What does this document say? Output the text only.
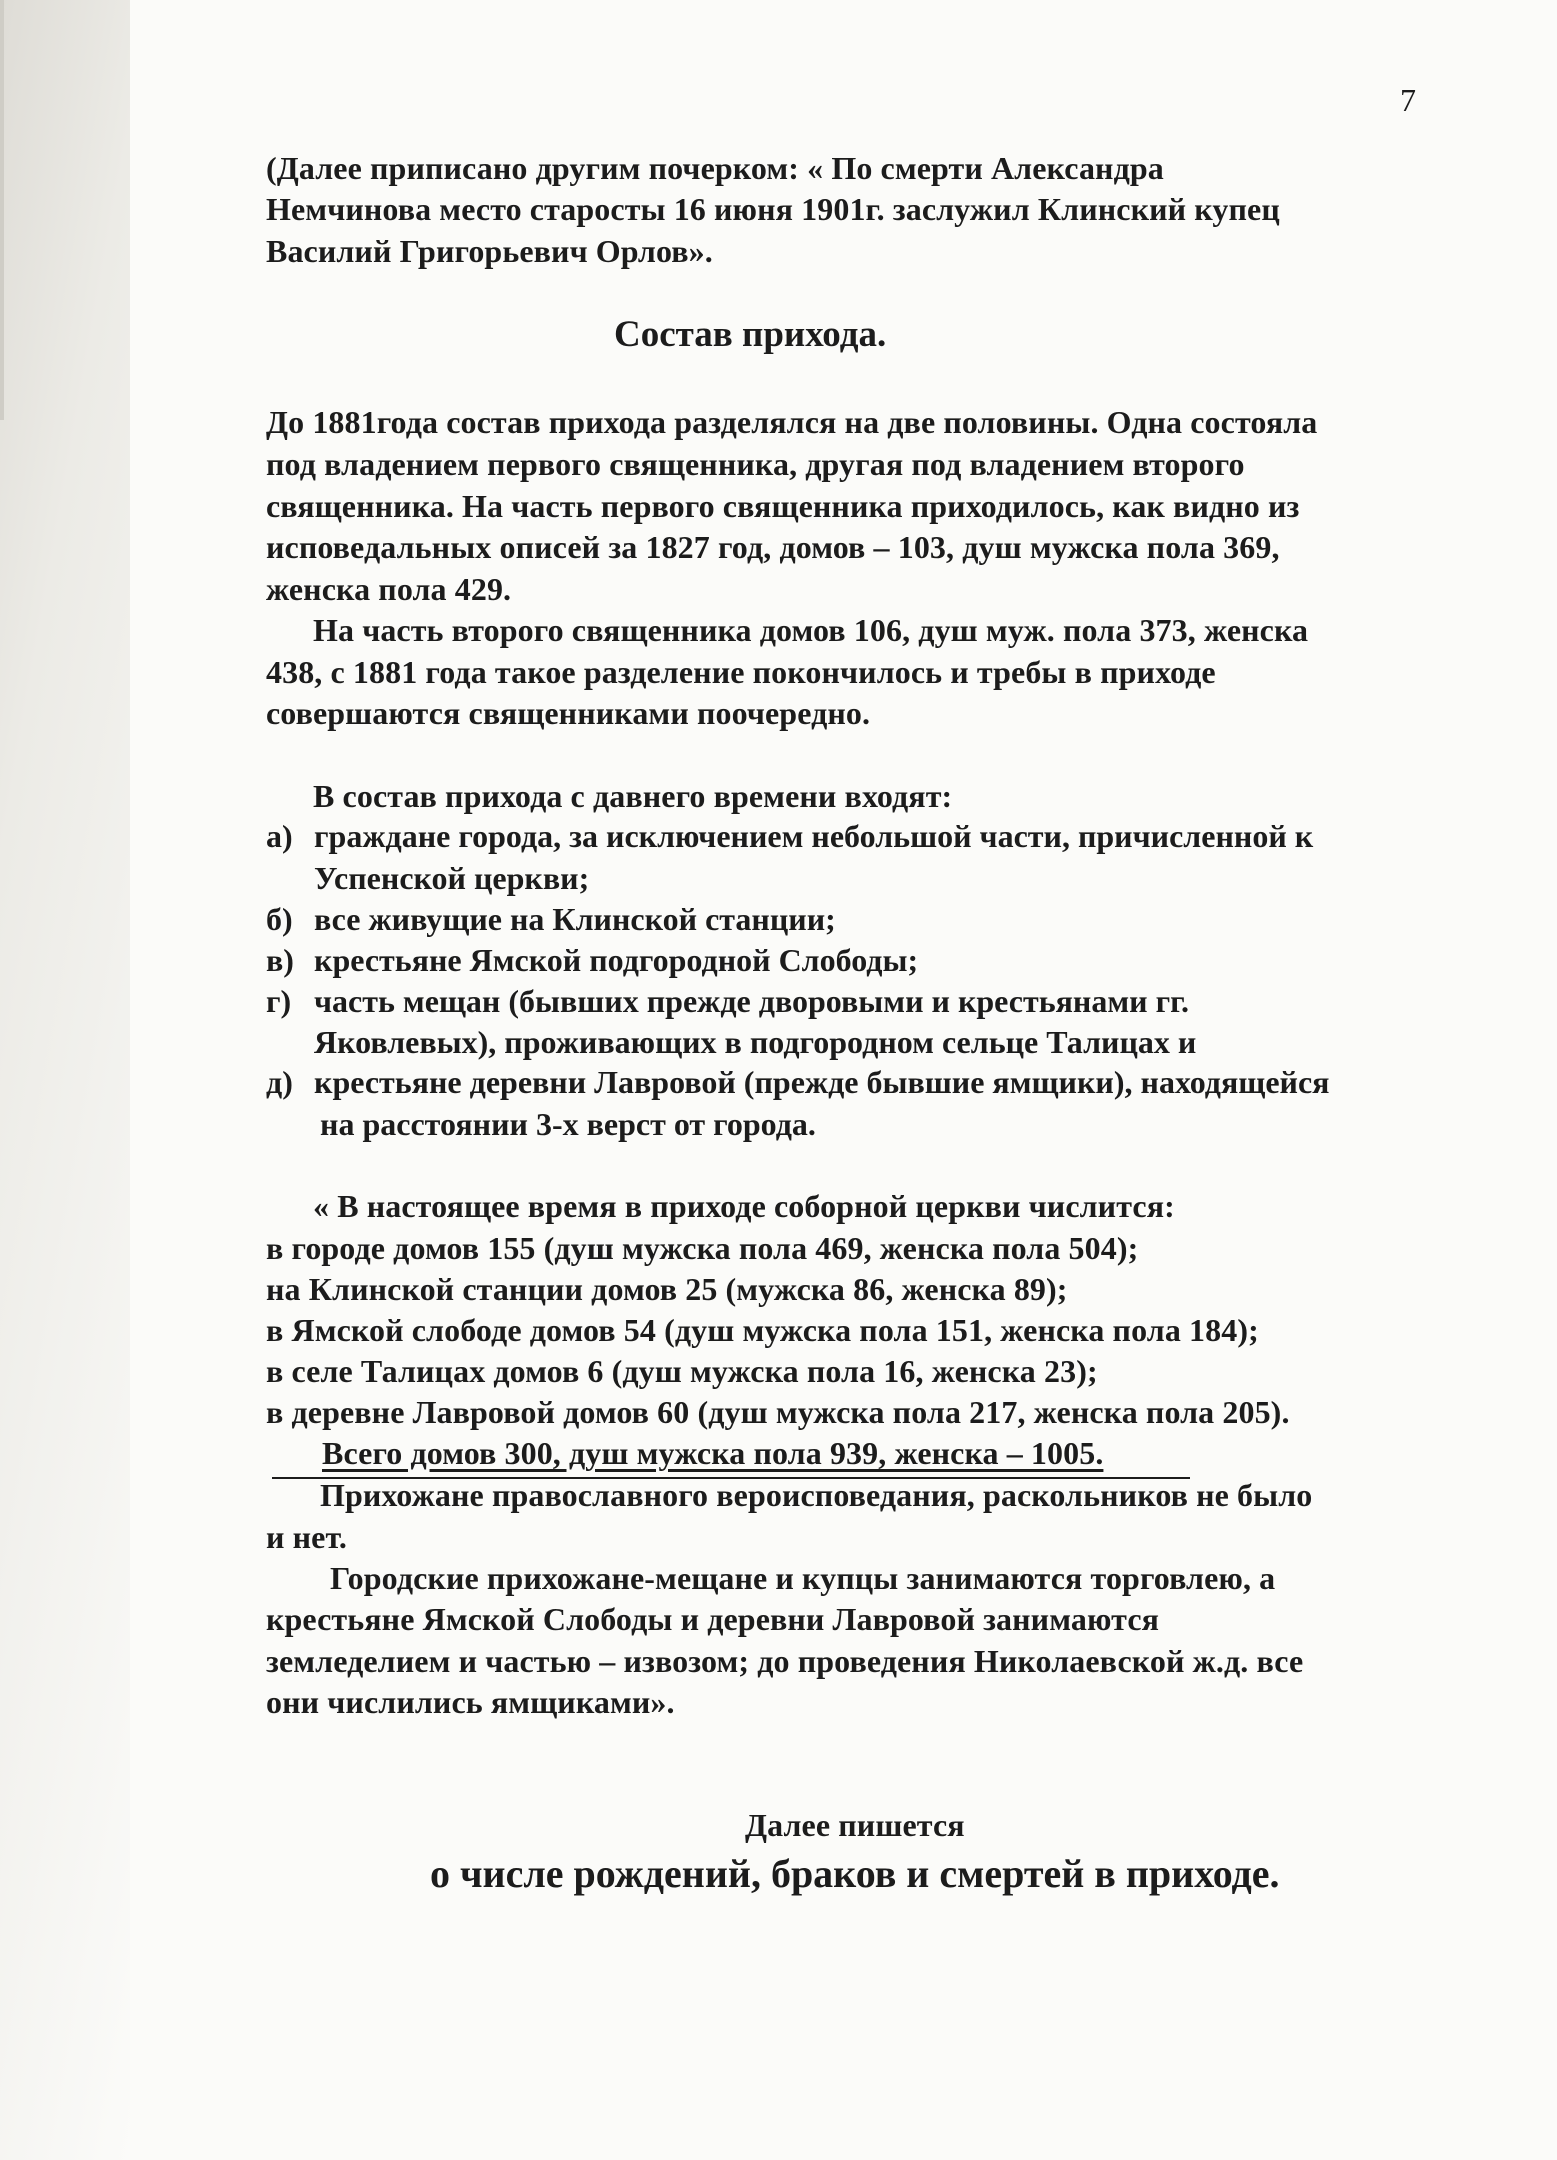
7

(Далее приписано другим почерком: « По смерти Александра

Немчинова место старосты 16 июня 1901г. заслужил Клинский купец

Василий Григорьевич Орлов».

Состав прихода.

До 1881года состав прихода разделялся на две половины. Одна состояла

под владением первого священника, другая под владением второго

священника. На часть первого священника приходилось, как видно из

исповедальных описей за 1827 год, домов – 103, душ мужска пола 369,

женска пола 429.

На часть второго священника домов 106, душ муж. пола 373, женска

438, с 1881 года такое разделение покончилось и требы в приходе

совершаются священниками поочередно.

В состав прихода с давнего времени входят:

а) граждане города, за исключением небольшой части, причисленной к

Успенской церкви;

б) все живущие на Клинской станции;

в) крестьяне Ямской подгородной Слободы;

г) часть мещан (бывших прежде дворовыми и крестьянами гг.

Яковлевых), проживающих в подгородном сельце Талицах и

д) крестьяне деревни Лавровой (прежде бывшие ямщики), находящейся

на расстоянии 3-х верст от города.

« В настоящее время в приходе соборной церкви числится:

в городе домов 155 (душ мужска пола 469, женска пола 504);

на Клинской станции домов 25 (мужска 86, женска 89);

в Ямской слободе домов 54 (душ мужска пола 151, женска пола 184);

в селе Талицах домов 6 (душ мужска пола 16, женска 23);

в деревне Лавровой домов 60 (душ мужска пола 217, женска пола 205).

Всего домов 300, душ мужска пола 939, женска – 1005.

Прихожане православного вероисповедания, раскольников не было

и нет.

Городские прихожане-мещане и купцы занимаются торговлею, а

крестьяне Ямской Слободы и деревни Лавровой занимаются

земледелием и частью – извозом; до проведения Николаевской ж.д. все

они числились ямщиками».

Далее пишется

о числе рождений, браков и смертей в приходе.
